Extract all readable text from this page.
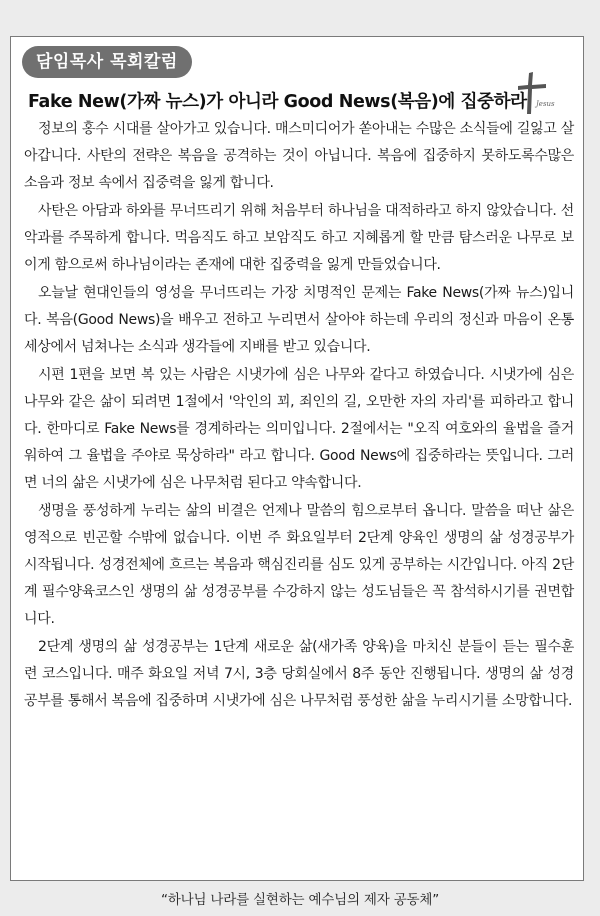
담임목사 목회칼럼
Fake New(가짜 뉴스)가 아니라 Good News(복음)에 집중하라 Jesus

정보의 홍수 시대를 살아가고 있습니다. 매스미디어가 쏟아내는 수많은 소식들에 길잃고 살아갑니다. 사탄의 전략은 복음을 공격하는 것이 아닙니다. 복음에 집중하지 못하도록수많은 소음과 정보 속에서 집중력을 잃게 합니다.

사탄은 아담과 하와를 무너뜨리기 위해 처음부터 하나님을 대적하라고 하지 않았습니다. 선악과를 주목하게 합니다. 먹음직도 하고 보암직도 하고 지혜롭게 할 만큼 탐스러운 나무로 보이게 함으로써 하나님이라는 존재에 대한 집중력을 잃게 만들었습니다.

오늘날 현대인들의 영성을 무너뜨리는 가장 치명적인 문제는 Fake News(가짜 뉴스)입니다. 복음(Good News)을 배우고 전하고 누리면서 살아야 하는데 우리의 정신과 마음이 온통 세상에서 넘쳐나는 소식과 생각들에 지배를 받고 있습니다.

시편 1편을 보면 복 있는 사람은 시냇가에 심은 나무와 같다고 하였습니다. 시냇가에 심은 나무와 같은 삶이 되려면 1절에서 '악인의 꾀, 죄인의 길, 오만한 자의 자리'를 피하라고 합니다. 한마디로 Fake News를 경계하라는 의미입니다. 2절에서는 "오직 여호와의 율법을 즐거워하여 그 율법을 주야로 묵상하라" 라고 합니다. Good News에 집중하라는 뜻입니다. 그러면 너의 삶은 시냇가에 심은 나무처럼 된다고 약속합니다.

생명을 풍성하게 누리는 삶의 비결은 언제나 말씀의 힘으로부터 옵니다. 말씀을 떠난 삶은 영적으로 빈곤할 수밖에 없습니다. 이번 주 화요일부터 2단계 양육인 생명의 삶 성경공부가 시작됩니다. 성경전체에 흐르는 복음과 핵심진리를 심도 있게 공부하는 시간입니다. 아직 2단계 필수양육코스인 생명의 삶 성경공부를 수강하지 않는 성도님들은 꼭 참석하시기를 권면합니다.

2단계 생명의 삶 성경공부는 1단계 새로운 삶(새가족 양육)을 마치신 분들이 듣는 필수훈련 코스입니다. 매주 화요일 저녁 7시, 3층 당회실에서 8주 동안 진행됩니다. 생명의 삶 성경공부를 통해서 복음에 집중하며 시냇가에 심은 나무처럼 풍성한 삶을 누리시기를 소망합니다.

“하나님 나라를 실현하는 예수님의 제자 공동체”
